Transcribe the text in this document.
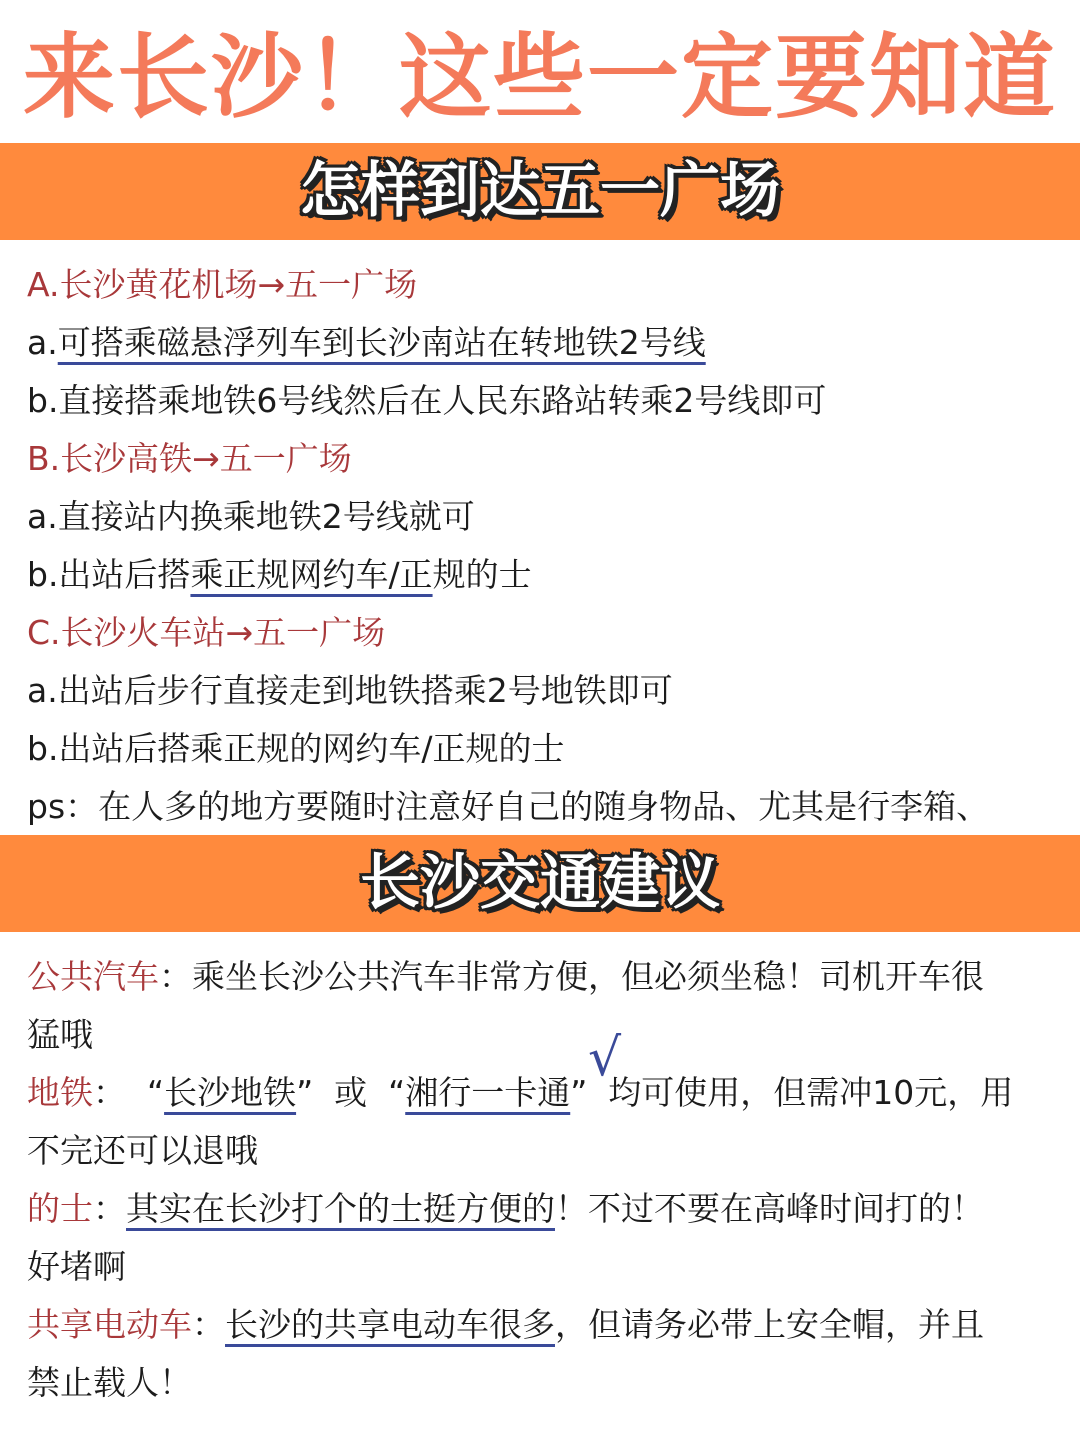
来长沙！这些一定要知道
怎样到达五一广场
A.长沙黄花机场→五一广场
a.可搭乘磁悬浮列车到长沙南站在转地铁2号线
b.直接搭乘地铁6号线然后在人民东路站转乘2号线即可
B.长沙高铁→五一广场
a.直接站内换乘地铁2号线就可
b.出站后搭乘正规网约车/正规的士
C.长沙火车站→五一广场
a.出站后步行直接走到地铁搭乘2号地铁即可
b.出站后搭乘正规的网约车/正规的士
ps：在人多的地方要随时注意好自己的随身物品、尤其是行李箱、
长沙交通建议
公共汽车：乘坐长沙公共汽车非常方便，但必须坐稳！司机开车很
猛哦
地铁：  “长沙地铁”  或  “湘行一卡通”  均可使用，但需冲10元，用
√
不完还可以退哦
的士：其实在长沙打个的士挺方便的！不过不要在高峰时间打的！
好堵啊
共享电动车：长沙的共享电动车很多，但请务必带上安全帽，并且
禁止载人！
